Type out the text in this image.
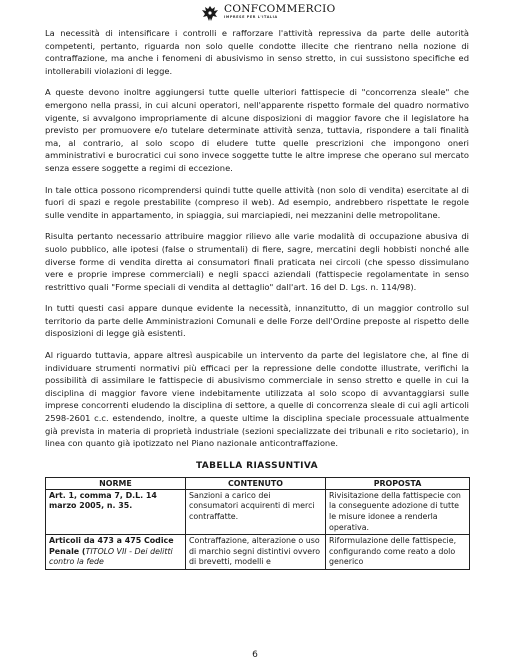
CONFCOMMERCIO
IMPRESE PER L'ITALIA

La necessità di intensificare i controlli e rafforzare l'attività repressiva da parte delle autorità competenti, pertanto, riguarda non solo quelle condotte illecite che rientrano nella nozione di contraffazione, ma anche i fenomeni di abusivismo in senso stretto, in cui sussistono specifiche ed intollerabili violazioni di legge.

A queste devono inoltre aggiungersi tutte quelle ulteriori fattispecie di "concorrenza sleale" che emergono nella prassi, in cui alcuni operatori, nell'apparente rispetto formale del quadro normativo vigente, si avvalgono impropriamente di alcune disposizioni di maggior favore che il legislatore ha previsto per promuovere e/o tutelare determinate attività senza, tuttavia, rispondere a tali finalità ma, al contrario, al solo scopo di eludere tutte quelle prescrizioni che impongono oneri amministrativi e burocratici cui sono invece soggette tutte le altre imprese che operano sul mercato senza essere soggette a regimi di eccezione.

In tale ottica possono ricomprendersi quindi tutte quelle attività (non solo di vendita) esercitate al di fuori di spazi e regole prestabilite (compreso il web). Ad esempio, andrebbero rispettate le regole sulle vendite in appartamento, in spiaggia, sui marciapiedi, nei mezzanini delle metropolitane.

Risulta pertanto necessario attribuire maggior rilievo alle varie modalità di occupazione abusiva di suolo pubblico, alle ipotesi (false o strumentali) di fiere, sagre, mercatini degli hobbisti nonché alle diverse forme di vendita diretta ai consumatori finali praticata nei circoli (che spesso dissimulano vere e proprie imprese commerciali) e negli spacci aziendali (fattispecie regolamentate in senso restrittivo quali "Forme speciali di vendita al dettaglio" dall'art. 16 del D. Lgs. n. 114/98).

In tutti questi casi appare dunque evidente la necessità, innanzitutto, di un maggior controllo sul territorio da parte delle Amministrazioni Comunali e delle Forze dell'Ordine preposte al rispetto delle disposizioni di legge già esistenti.

Al riguardo tuttavia, appare altresì auspicabile un intervento da parte del legislatore che, al fine di individuare strumenti normativi più efficaci per la repressione delle condotte illustrate, verifichi la possibilità di assimilare le fattispecie di abusivismo commerciale in senso stretto e quelle in cui la disciplina di maggior favore viene indebitamente utilizzata al solo scopo di avvantaggiarsi sulle imprese concorrenti eludendo la disciplina di settore, a quelle di concorrenza sleale di cui agli articoli 2598-2601 c.c. estendendo, inoltre, a queste ultime la disciplina speciale processuale attualmente già prevista in materia di proprietà industriale (sezioni specializzate dei tribunali e rito societario), in linea con quanto già ipotizzato nel Piano nazionale anticontraffazione.

TABELLA RIASSUNTIVA
NORME	CONTENUTO	PROPOSTA
Art. 1, comma 7, D.L. 14 marzo 2005, n. 35.	Sanzioni a carico dei consumatori acquirenti di merci contraffatte.	Rivisitazione della fattispecie con la conseguente adozione di tutte le misure idonee a renderla operativa.
Articoli da 473 a 475 Codice Penale (TITOLO VII - Dei delitti contro la fede	Contraffazione, alterazione o uso di marchio segni distintivi ovvero di brevetti, modelli e	Riformulazione delle fattispecie, configurando come reato a dolo generico
6
